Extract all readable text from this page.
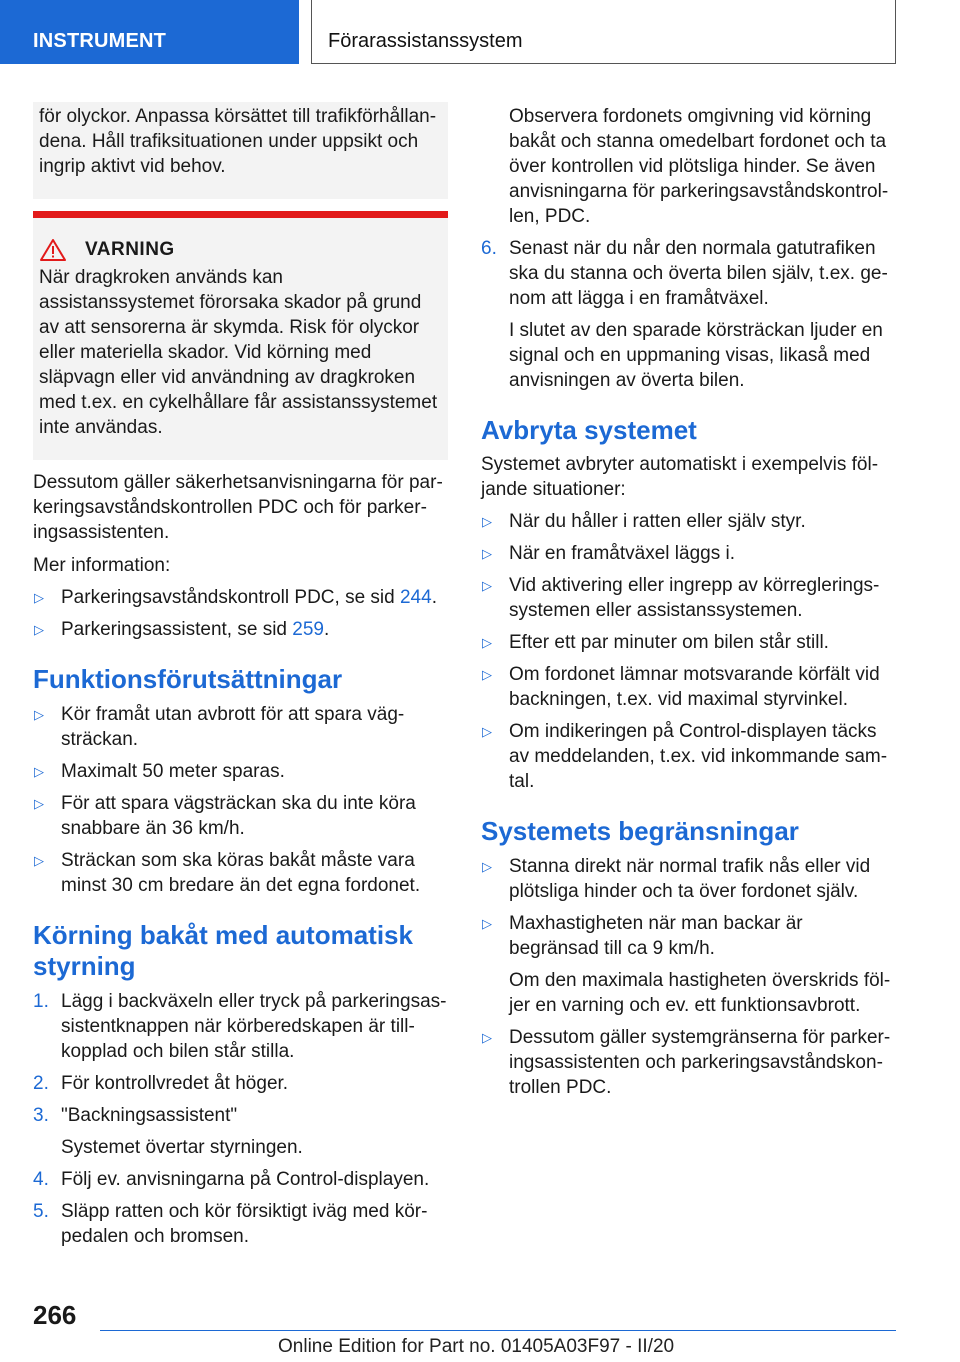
INSTRUMENT	Förarassistanssystem

för olyckor. Anpassa körsättet till trafikförhållandena. Håll trafiksituationen under uppsikt och ingrip aktivt vid behov.

VARNING

När dragkroken används kan assistanssystemet förorsaka skador på grund av att sensorerna är skymda. Risk för olyckor eller materiella skador. Vid körning med släpvagn eller vid användning av dragkroken med t.ex. en cykelhållare får assistanssystemet inte användas.

Dessutom gäller säkerhetsanvisningarna för parkeringsavståndskontrollen PDC och för parkeringsassistenten.

Mer information:

▷ Parkeringsavståndskontroll PDC, se sid 244.
▷ Parkeringsassistent, se sid 259.
Funktionsförutsättningar
▷ Kör framåt utan avbrott för att spara vägsträckan.
▷ Maximalt 50 meter sparas.
▷ För att spara vägsträckan ska du inte köra snabbare än 36 km/h.
▷ Sträckan som ska köras bakåt måste vara minst 30 cm bredare än det egna fordonet.
Körning bakåt med automatisk styrning
1. Lägg i backväxeln eller tryck på parkeringsassistentknappen när körberedskapen är tillkopplad och bilen står stilla.
2. För kontrollvredet åt höger.
3. "Backningsassistent"

Systemet övertar styrningen.

4. Följ ev. anvisningarna på Control-displayen.
5. Släpp ratten och kör försiktigt iväg med körpedalen och bromsen.

Observera fordonets omgivning vid körning bakåt och stanna omedelbart fordonet och ta över kontrollen vid plötsliga hinder. Se även anvisningarna för parkeringsavståndskontrollen, PDC.

6. Senast när du når den normala gatutrafiken ska du stanna och överta bilen själv, t.ex. genom att lägga i en framåtväxel.

I slutet av den sparade körsträckan ljuder en signal och en uppmaning visas, likaså med anvisningen av överta bilen.

Avbryta systemet

Systemet avbryter automatiskt i exempelvis följande situationer:

▷ När du håller i ratten eller själv styr.
▷ När en framåtväxel läggs i.
▷ Vid aktivering eller ingrepp av körregleringssystemen eller assistanssystemen.
▷ Efter ett par minuter om bilen står still.
▷ Om fordonet lämnar motsvarande körfält vid backningen, t.ex. vid maximal styrvinkel.
▷ Om indikeringen på Control-displayen täcks av meddelanden, t.ex. vid inkommande samtal.
Systemets begränsningar
▷ Stanna direkt när normal trafik nås eller vid plötsliga hinder och ta över fordonet själv.
▷ Maxhastigheten när man backar är begränsad till ca 9 km/h.

Om den maximala hastigheten överskrids följer en varning och ev. ett funktionsavbrott.

▷ Dessutom gäller systemgränserna för parkeringsassistenten och parkeringsavståndskontrollen PDC.
266
Online Edition for Part no. 01405A03F97 - II/20
